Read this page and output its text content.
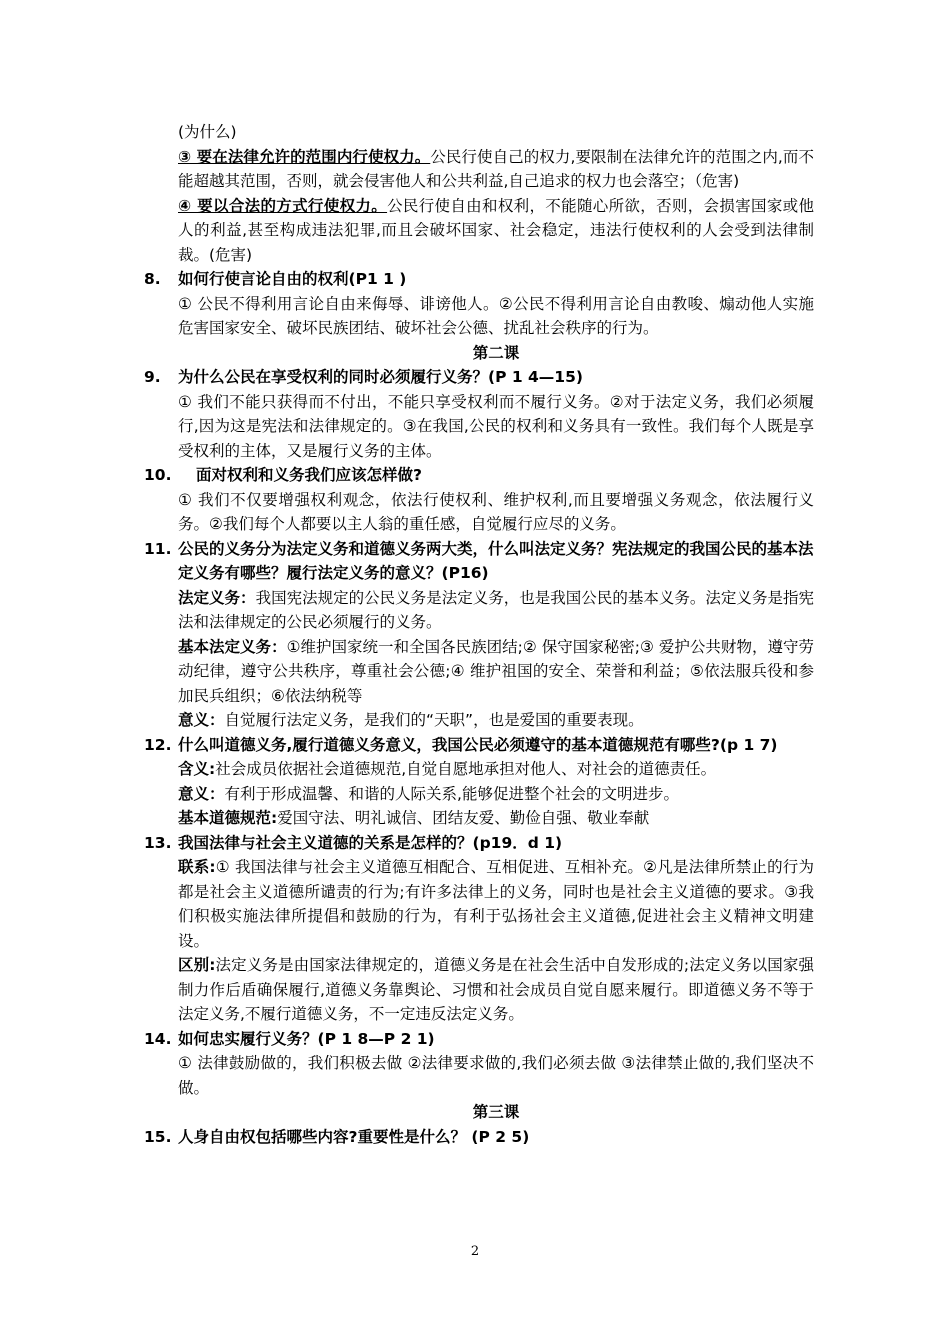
(为什么)

③ 要在法律允许的范围内行使权力。公民行使自己的权力,要限制在法律允许的范围之内,而不能超越其范围，否则，就会侵害他人和公共利益,自己追求的权力也会落空；（危害)

④ 要以合法的方式行使权力。公民行使自由和权利，不能随心所欲，否则，会损害国家或他人的利益,甚至构成违法犯罪,而且会破坏国家、社会稳定，违法行使权利的人会受到法律制裁。(危害)

8. 如何行使言论自由的权利(P1 1 )

① 公民不得利用言论自由来侮辱、诽谤他人。②公民不得利用言论自由教唆、煽动他人实施危害国家安全、破坏民族团结、破坏社会公德、扰乱社会秩序的行为。

第二课

9. 为什么公民在享受权利的同时必须履行义务？(P 1 4—15)

① 我们不能只获得而不付出，不能只享受权利而不履行义务。②对于法定义务，我们必须履行,因为这是宪法和法律规定的。③在我国,公民的权利和义务具有一致性。我们每个人既是享受权利的主体，又是履行义务的主体。

10. 面对权利和义务我们应该怎样做?

① 我们不仅要增强权利观念，依法行使权利、维护权利,而且要增强义务观念，依法履行义务。②我们每个人都要以主人翁的重任感，自觉履行应尽的义务。

11. 公民的义务分为法定义务和道德义务两大类，什么叫法定义务？宪法规定的我国公民的基本法定义务有哪些？履行法定义务的意义？(P16)

法定义务：我国宪法规定的公民义务是法定义务，也是我国公民的基本义务。法定义务是指宪法和法律规定的公民必须履行的义务。

基本法定义务：①维护国家统一和全国各民族团结;② 保守国家秘密;③ 爱护公共财物，遵守劳动纪律，遵守公共秩序，尊重社会公德;④ 维护祖国的安全、荣誉和利益；⑤依法服兵役和参加民兵组织；⑥依法纳税等

意义：自觉履行法定义务，是我们的“天职”，也是爱国的重要表现。

12. 什么叫道德义务,履行道德义务意义，我国公民必须遵守的基本道德规范有哪些?(p 1 7)

含义:社会成员依据社会道德规范,自觉自愿地承担对他人、对社会的道德责任。

意义：有利于形成温馨、和谐的人际关系,能够促进整个社会的文明进步。

基本道德规范:爱国守法、明礼诚信、团结友爱、勤俭自强、敬业奉献

13. 我国法律与社会主义道德的关系是怎样的？(p19．d 1)

联系:① 我国法律与社会主义道德互相配合、互相促进、互相补充。②凡是法律所禁止的行为都是社会主义道德所谴责的行为;有许多法律上的义务，同时也是社会主义道德的要求。③我们积极实施法律所提倡和鼓励的行为，有利于弘扬社会主义道德,促进社会主义精神文明建设。

区别:法定义务是由国家法律规定的，道德义务是在社会生活中自发形成的;法定义务以国家强制力作后盾确保履行,道德义务靠舆论、习惯和社会成员自觉自愿来履行。即道德义务不等于法定义务,不履行道德义务，不一定违反法定义务。

14. 如何忠实履行义务？(P 1 8—P 2 1)

① 法律鼓励做的，我们积极去做 ②法律要求做的,我们必须去做 ③法律禁止做的,我们坚决不做。

第三课

15. 人身自由权包括哪些内容?重要性是什么？ (P 2 5)

2
